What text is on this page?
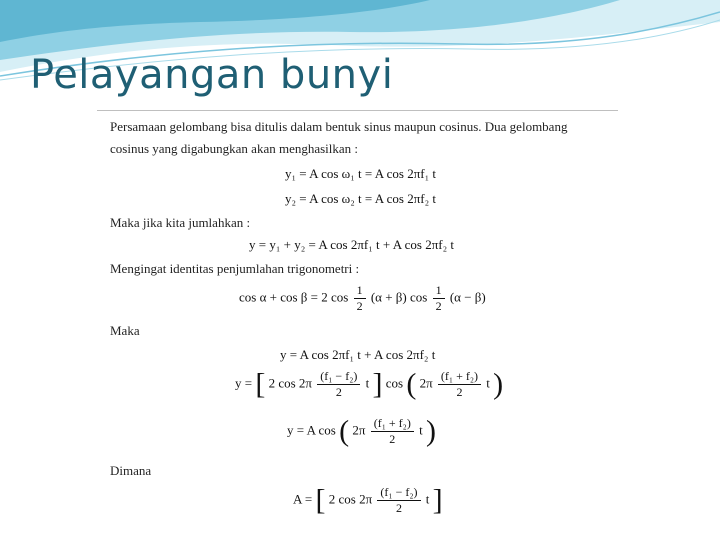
Pelayangan bunyi

Persamaan gelombang bisa ditulis dalam bentuk sinus maupun cosinus. Dua gelombang

cosinus yang digabungkan akan menghasilkan :

y₁ = A cos ω₁ t = A cos 2πf₁ t
y₂ = A cos ω₂ t = A cos 2πf₂ t

Maka jika kita jumlahkan :

y = y₁ + y₂ = A cos 2πf₁ t + A cos 2πf₂ t

Mengingat identitas penjumlahan trigonometri :

cos α + cos β = 2 $\cos \frac{1}{2} (\alpha + \beta)$ $\cos \frac{1}{2} (\alpha - \beta)$

Maka

y = A cos 2πf₁ t + A cos 2πf₂ t
y = [ 2 $\cos 2\pi \frac{\text{(f₁ − f₂)}}{2}$ t ] cos ( $2\pi \frac{\text{(f₁ + f₂)}}{2}$ t )
y = A cos ( $2\pi \frac{\text{(f₁ + f₂)}}{2}$ t )

Dimana

A = [ 2 $\cos 2\pi \frac{\text{(f₁ − f₂)}}{2}$ t ]
